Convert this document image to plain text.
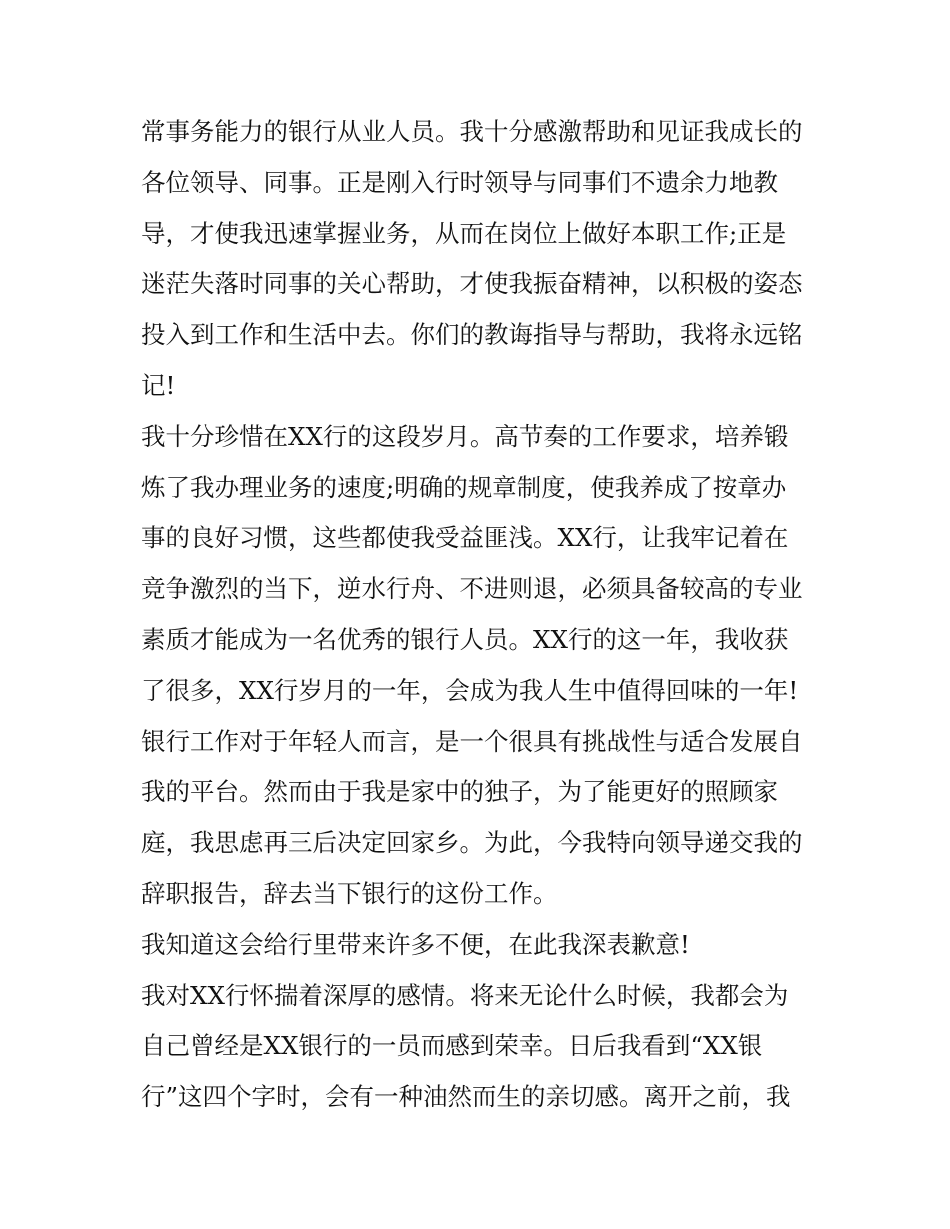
常事务能力的银行从业人员。我十分感激帮助和见证我成长的
各位领导、同事。正是刚入行时领导与同事们不遗余力地教
导，才使我迅速掌握业务，从而在岗位上做好本职工作;正是
迷茫失落时同事的关心帮助，才使我振奋精神，以积极的姿态
投入到工作和生活中去。你们的教诲指导与帮助，我将永远铭
记!
我十分珍惜在XX行的这段岁月。高节奏的工作要求，培养锻
炼了我办理业务的速度;明确的规章制度，使我养成了按章办
事的良好习惯，这些都使我受益匪浅。XX行，让我牢记着在
竞争激烈的当下，逆水行舟、不进则退，必须具备较高的专业
素质才能成为一名优秀的银行人员。XX行的这一年，我收获
了很多，XX行岁月的一年，会成为我人生中值得回味的一年!
银行工作对于年轻人而言，是一个很具有挑战性与适合发展自
我的平台。然而由于我是家中的独子，为了能更好的照顾家
庭，我思虑再三后决定回家乡。为此，今我特向领导递交我的
辞职报告，辞去当下银行的这份工作。
我知道这会给行里带来许多不便，在此我深表歉意!
我对XX行怀揣着深厚的感情。将来无论什么时候，我都会为
自己曾经是XX银行的一员而感到荣幸。日后我看到“XX银
行”这四个字时，会有一种油然而生的亲切感。离开之前，我
